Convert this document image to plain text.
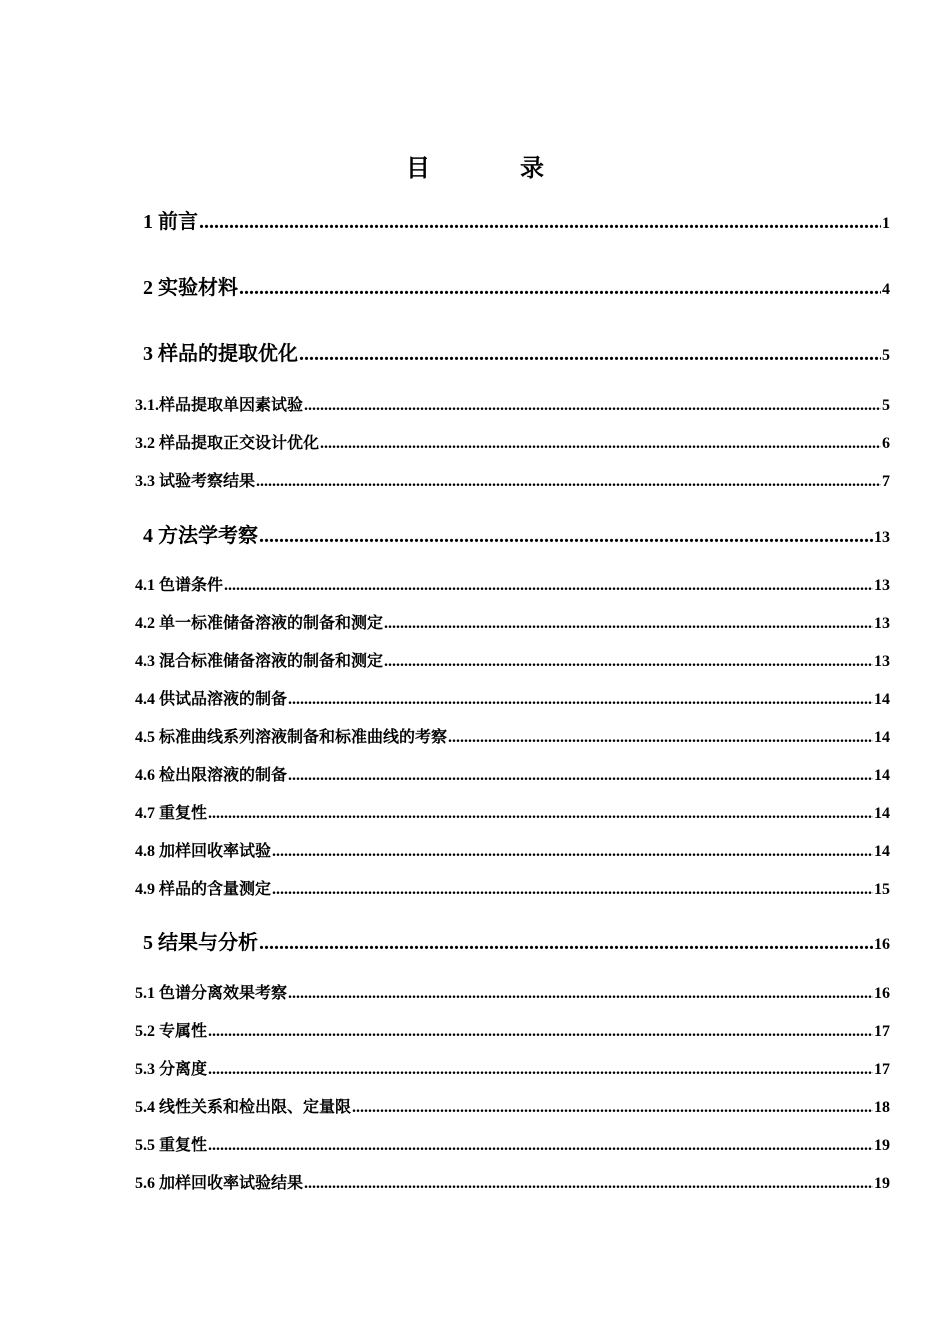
目 录
1 前言 .....	1
2 实验材料 .....	4
3 样品的提取优化 .....	5
3.1.样品提取单因素试验 .....	5
3.2 样品提取正交设计优化 .....	6
3.3 试验考察结果 .....	7
4 方法学考察 .....	13
4.1 色谱条件 .....	13
4.2 单一标准储备溶液的制备和测定 .....	13
4.3 混合标准储备溶液的制备和测定 .....	13
4.4 供试品溶液的制备 .....	14
4.5 标准曲线系列溶液制备和标准曲线的考察 .....	14
4.6 检出限溶液的制备 .....	14
4.7 重复性 .....	14
4.8 加样回收率试验 .....	14
4.9 样品的含量测定 .....	15
5 结果与分析 .....	16
5.1 色谱分离效果考察 .....	16
5.2 专属性 .....	17
5.3 分离度 .....	17
5.4 线性关系和检出限、定量限 .....	18
5.5 重复性 .....	19
5.6 加样回收率试验结果 .....	19
